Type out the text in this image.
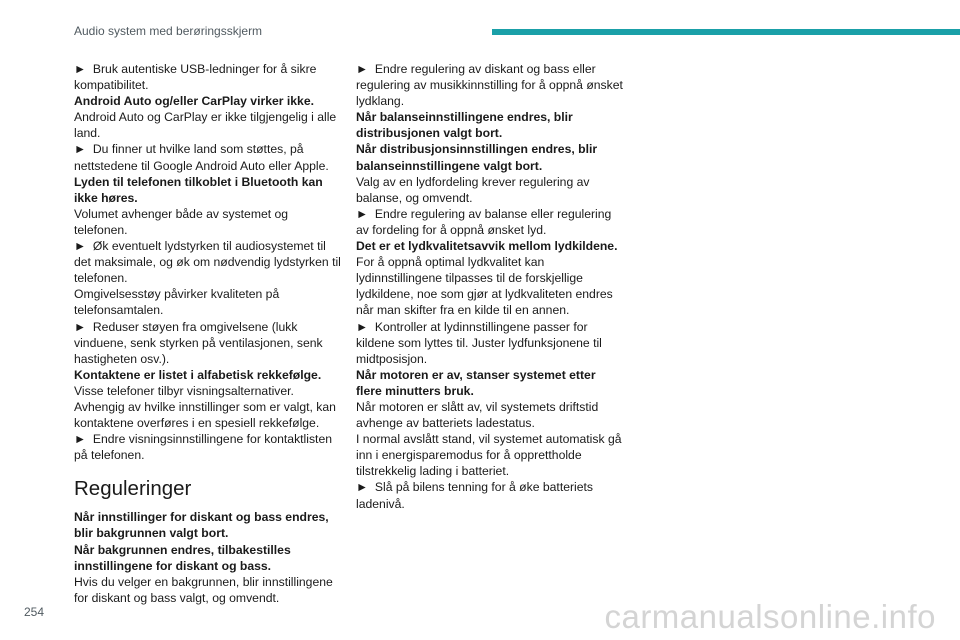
Audio system med berøringsskjerm

► Bruk autentiske USB-ledninger for å sikre kompatibilitet.

Android Auto og/eller CarPlay virker ikke.

Android Auto og CarPlay er ikke tilgjengelig i alle land.

► Du finner ut hvilke land som støttes, på nettstedene til Google Android Auto eller Apple.

Lyden til telefonen tilkoblet i Bluetooth kan ikke høres.

Volumet avhenger både av systemet og telefonen.

► Øk eventuelt lydstyrken til audiosystemet til det maksimale, og øk om nødvendig lydstyrken til telefonen.

Omgivelsesstøy påvirker kvaliteten på telefonsamtalen.

► Reduser støyen fra omgivelsene (lukk vinduene, senk styrken på ventilasjonen, senk hastigheten osv.).

Kontaktene er listet i alfabetisk rekkefølge.

Visse telefoner tilbyr visningsalternativer. Avhengig av hvilke innstillinger som er valgt, kan kontaktene overføres i en spesiell rekkefølge.

► Endre visningsinnstillingene for kontaktlisten på telefonen.

Reguleringer

Når innstillinger for diskant og bass endres, blir bakgrunnen valgt bort.

Når bakgrunnen endres, tilbakestilles innstillingene for diskant og bass.

Hvis du velger en bakgrunnen, blir innstillingene for diskant og bass valgt, og omvendt.

► Endre regulering av diskant og bass eller regulering av musikkinnstilling for å oppnå ønsket lydklang.

Når balanseinnstillingene endres, blir distribusjonen valgt bort.

Når distribusjonsinnstillingen endres, blir balanseinnstillingene valgt bort.

Valg av en lydfordeling krever regulering av balanse, og omvendt.

► Endre regulering av balanse eller regulering av fordeling for å oppnå ønsket lyd.

Det er et lydkvalitetsavvik mellom lydkildene.

For å oppnå optimal lydkvalitet kan lydinnstillingene tilpasses til de forskjellige lydkildene, noe som gjør at lydkvaliteten endres når man skifter fra en kilde til en annen.

► Kontroller at lydinnstillingene passer for kildene som lyttes til. Juster lydfunksjonene til midtposisjon.

Når motoren er av, stanser systemet etter flere minutters bruk.

Når motoren er slått av, vil systemets driftstid avhenge av batteriets ladestatus.

I normal avslått stand, vil systemet automatisk gå inn i energisparemodus for å opprettholde tilstrekkelig lading i batteriet.

► Slå på bilens tenning for å øke batteriets ladenivå.

254	carmanualsonline.info
